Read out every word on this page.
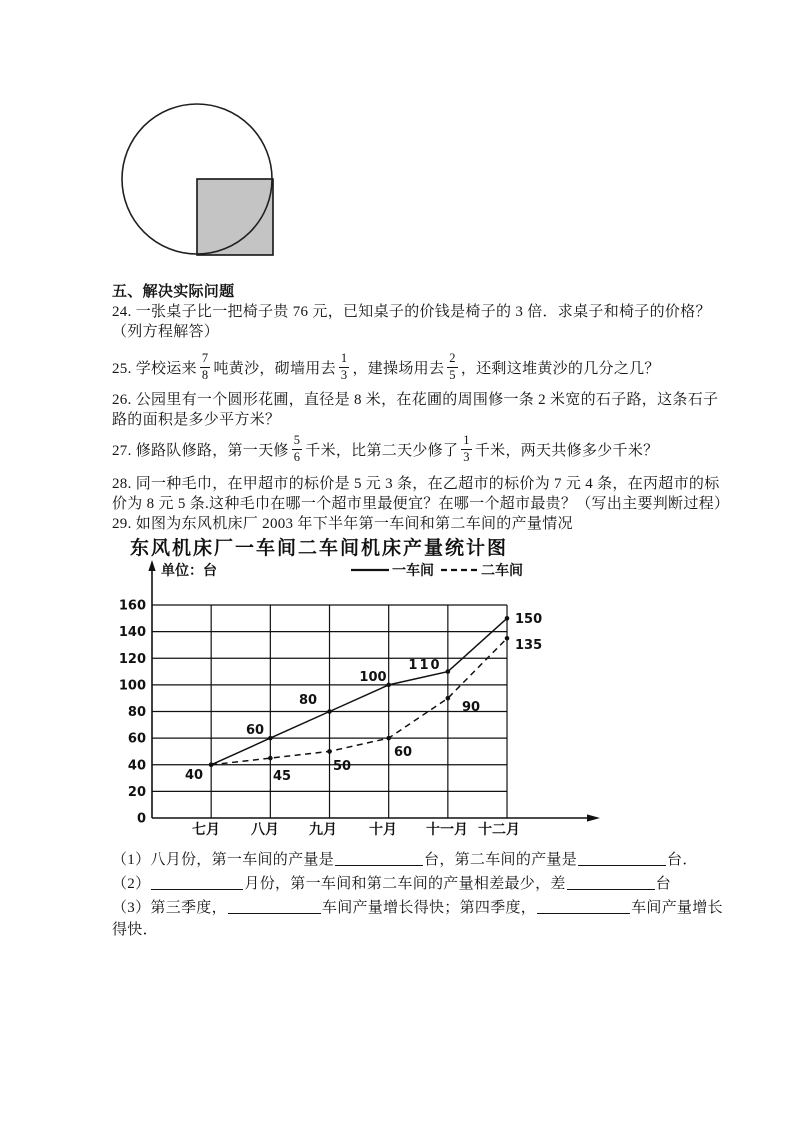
五、解决实际问题
24. 一张桌子比一把椅子贵 76 元，已知桌子的价钱是椅子的 3 倍．求桌子和椅子的价格？
（列方程解答）
25. 学校运来 $\frac{7}{8}$ 吨黄沙，砌墙用去 $\frac{1}{3}$ ，建操场用去 $\frac{2}{5}$ ，还剩这堆黄沙的几分之几？
26. 公园里有一个圆形花圃，直径是 8 米，在花圃的周围修一条 2 米宽的石子路，这条石子
路的面积是多少平方米？
27. 修路队修路，第一天修 $\frac{5}{6}$ 千米，比第二天少修了 $\frac{1}{3}$ 千米，两天共修多少千米？
28. 同一种毛巾，在甲超市的标价是 5 元 3 条，在乙超市的标价为 7 元 4 条，在丙超市的标
价为 8 元 5 条.这种毛巾在哪一个超市里最便宜？在哪一个超市最贵？（写出主要判断过程）
29. 如图为东风机床厂 2003 年下半年第一车间和第二车间的产量情况
东风机床厂一车间二车间机床产量统计图
0
20
40
60
80
100
120
140
160
七月 八月 九月 十月 十一月 十二月
单位：台	一车间	二车间
40
60
80
100
110
150
45
50
60
90
135
（1）八月份，第一车间的产量是	台，第二车间的产量是	台．
（2）	月份，第一车间和第二车间的产量相差最少，差	台
（3）第三季度，	车间产量增长得快；第四季度，	车间产量增长
得快．
